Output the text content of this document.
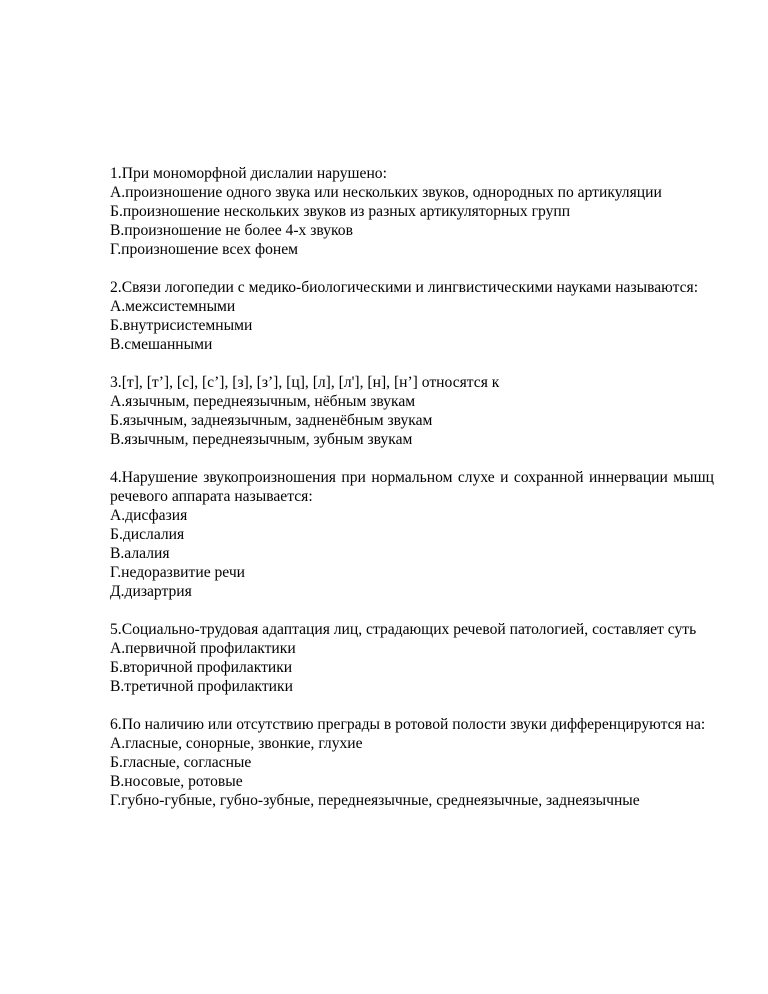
1.При мономорфной дислалии нарушено:
А.произношение одного звука или нескольких звуков, однородных по артикуляции
Б.произношение нескольких звуков из разных артикуляторных групп
В.произношение не более 4-х звуков
Г.произношение всех фонем
2.Связи логопедии с медико-биологическими и лингвистическими науками называются:
А.межсистемными
Б.внутрисистемными
В.смешанными
3.[т], [т’], [с], [с’], [з], [з’], [ц], [л], [л'], [н], [н’] относятся к
А.язычным, переднеязычным, нёбным звукам
Б.язычным, заднеязычным, задненёбным звукам
В.язычным, переднеязычным, зубным звукам
4.Нарушение звукопроизношения при нормальном слухе и сохранной иннервации мышц речевого аппарата называется:
А.дисфазия
Б.дислалия
В.алалия
Г.недоразвитие речи
Д.дизартрия
5.Социально-трудовая адаптация лиц, страдающих речевой патологией, составляет суть
А.первичной профилактики
Б.вторичной профилактики
В.третичной профилактики
6.По наличию или отсутствию преграды в ротовой полости звуки дифференцируются на:
А.гласные, сонорные, звонкие, глухие
Б.гласные, согласные
В.носовые, ротовые
Г.губно-губные, губно-зубные, переднеязычные, среднеязычные, заднеязычные
